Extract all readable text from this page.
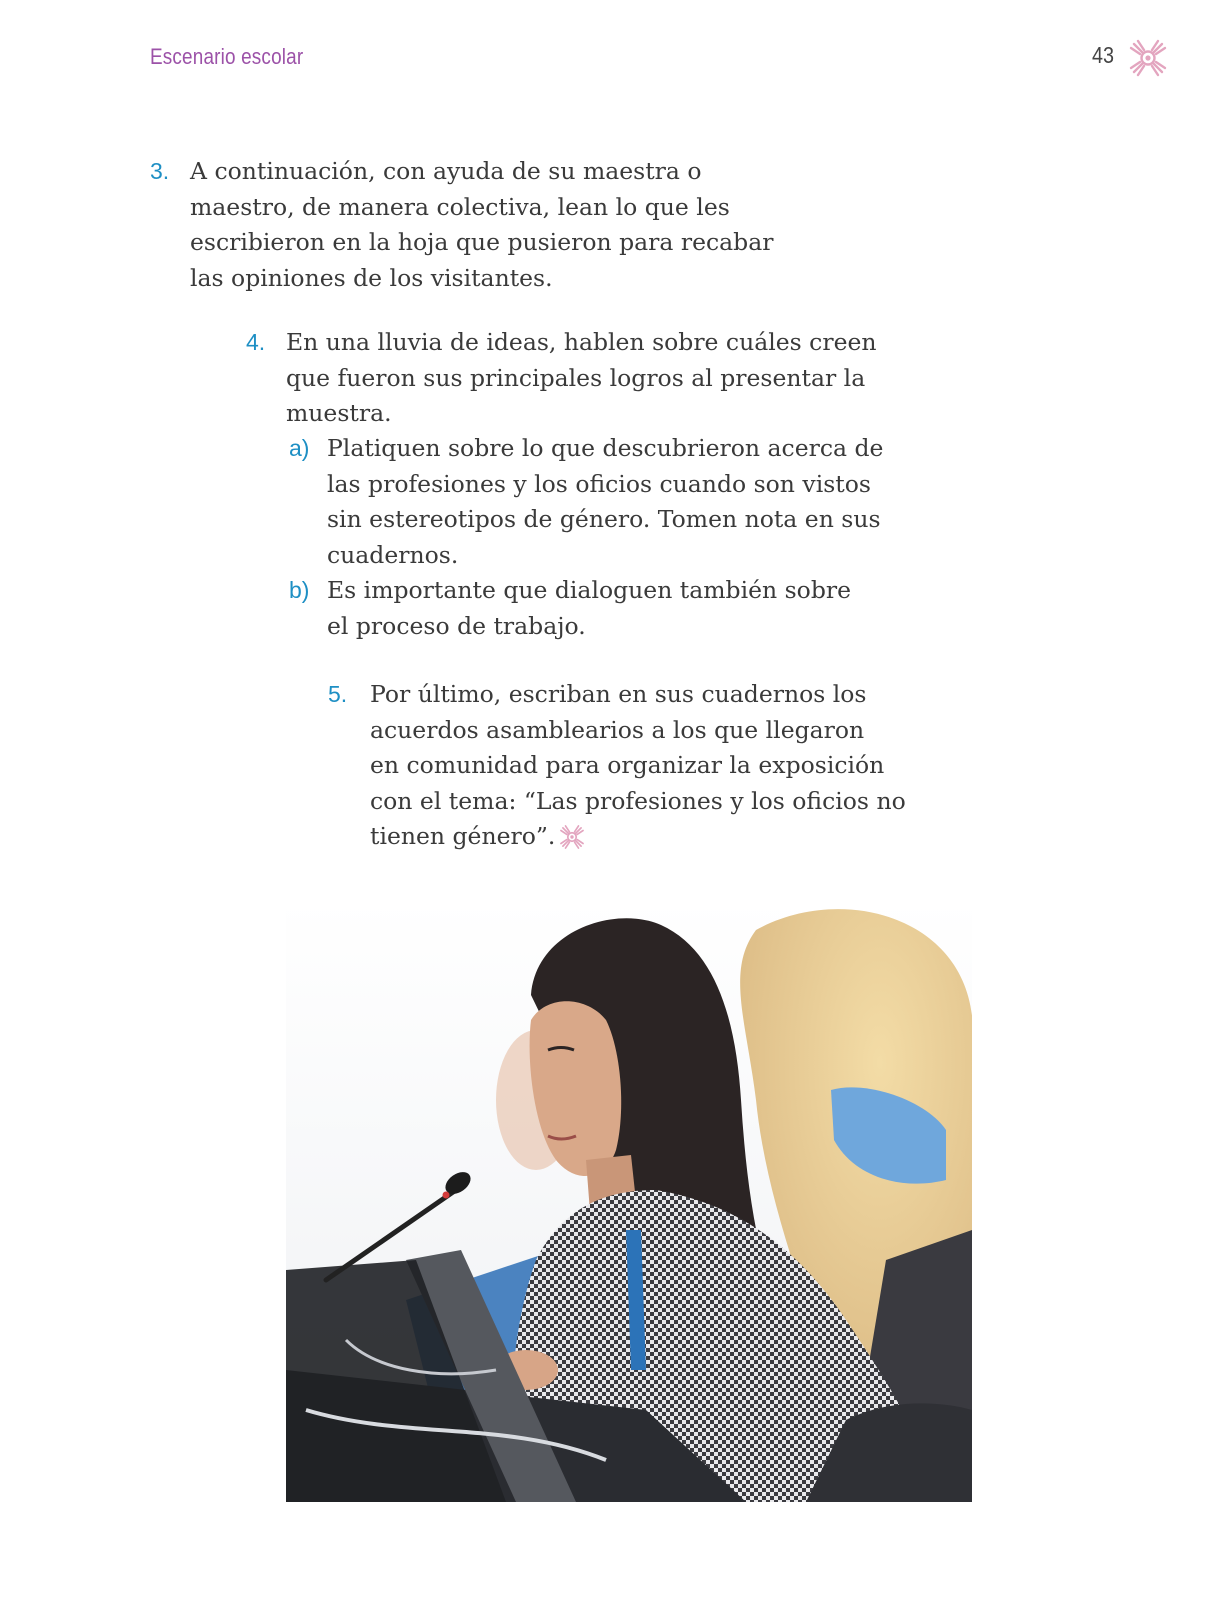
Escenario escolar	43
3. A continuación, con ayuda de su maestra o
maestro, de manera colectiva, lean lo que les
escribieron en la hoja que pusieron para recabar
las opiniones de los visitantes.
4. En una lluvia de ideas, hablen sobre cuáles creen
que fueron sus principales logros al presentar la
muestra.
a) Platiquen sobre lo que descubrieron acerca de
las profesiones y los oficios cuando son vistos
sin estereotipos de género. Tomen nota en sus
cuadernos.
b) Es importante que dialoguen también sobre
el proceso de trabajo.
5. Por último, escriban en sus cuadernos los
acuerdos asamblearios a los que llegaron
en comunidad para organizar la exposición
con el tema: “Las profesiones y los oficios no
tienen género”.
